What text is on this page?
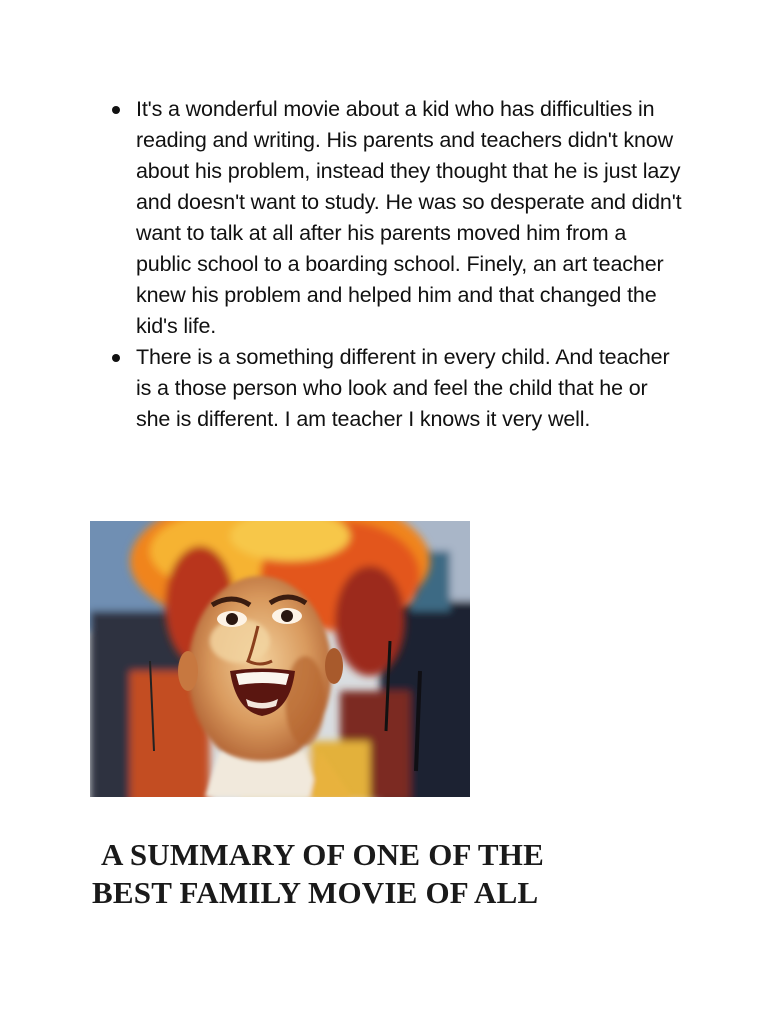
It's a wonderful movie about a kid who has difficulties in reading and writing. His parents and teachers didn't know about his problem, instead they thought that he is just lazy and doesn't want to study. He was so desperate and didn't want to talk at all after his parents moved him from a public school to a boarding school. Finely, an art teacher knew his problem and helped him and that changed the kid's life.
There is a something different in every child. And teacher is a those person who look and feel the child that he or she is different. I am teacher I knows it very well.
A SUMMARY OF ONE OF THE
BEST FAMILY MOVIE OF ALL
